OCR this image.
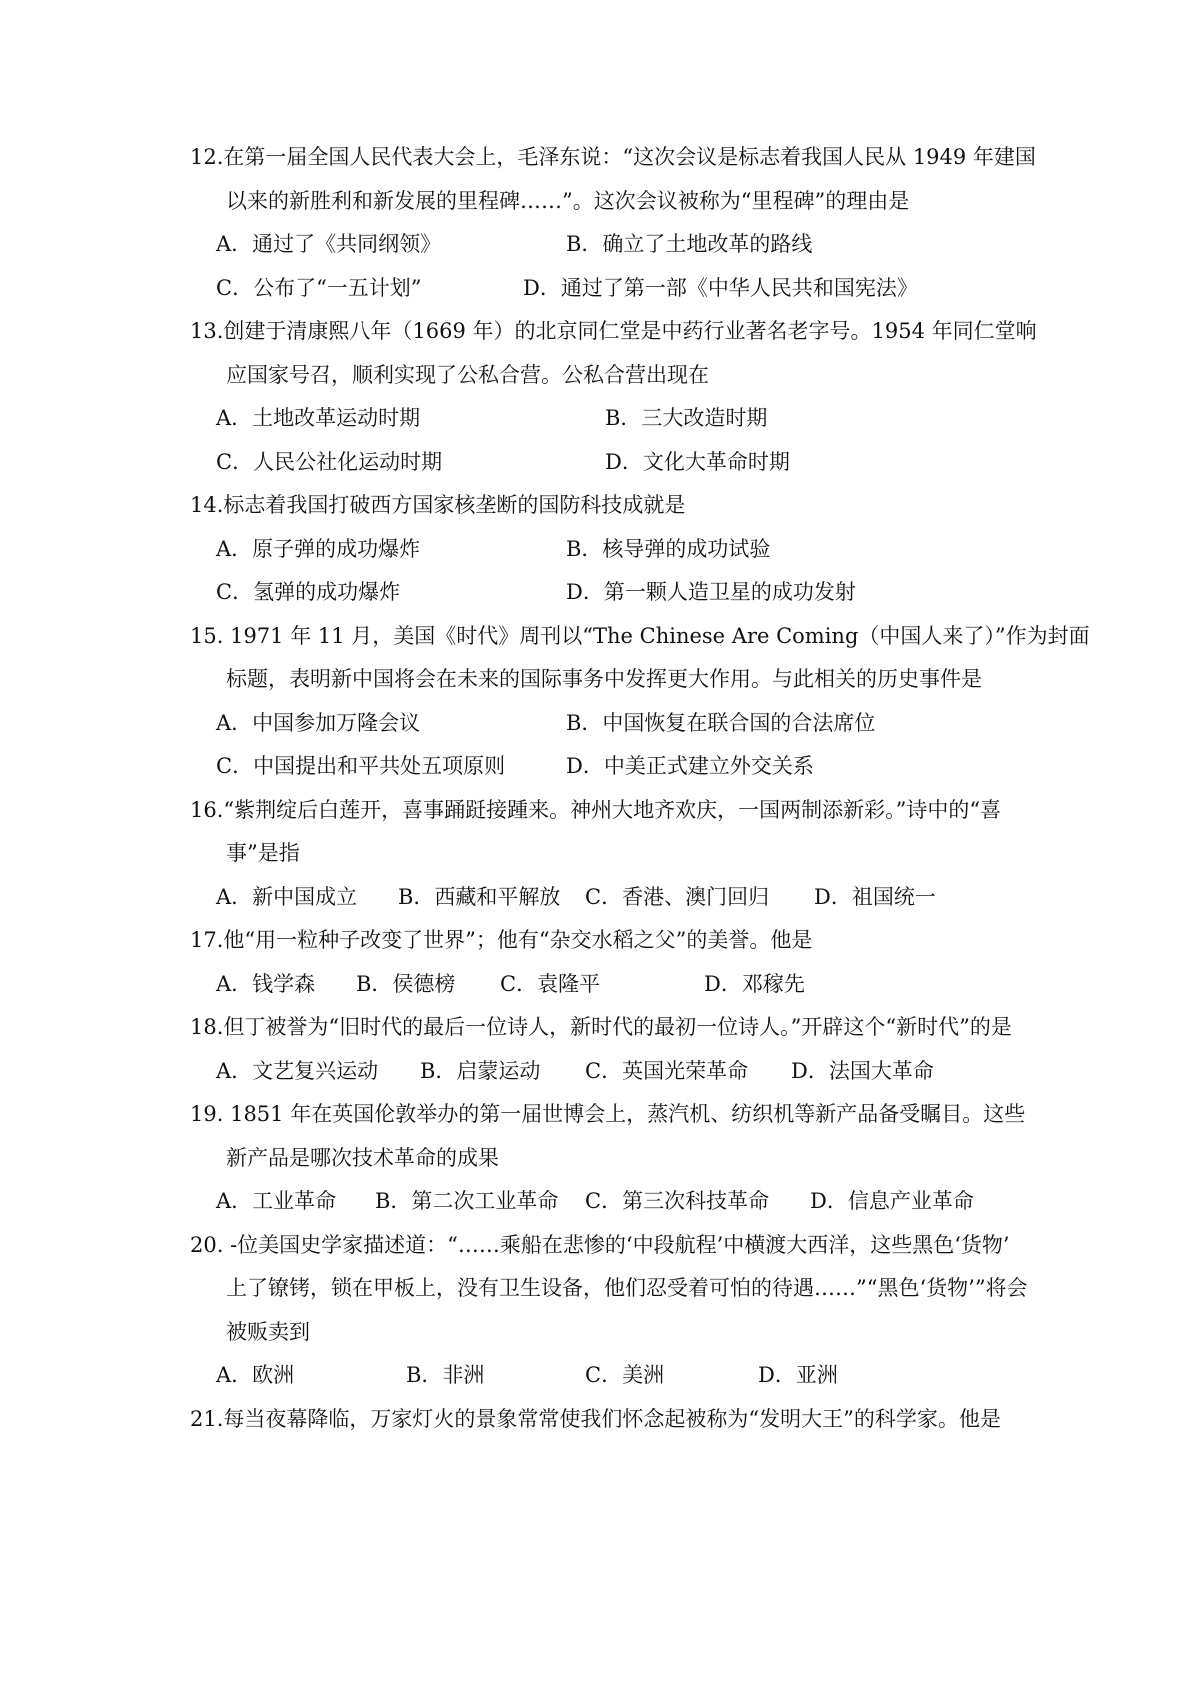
12.在第一届全国人民代表大会上，毛泽东说：“这次会议是标志着我国人民从 1949 年建国
以来的新胜利和新发展的里程碑……”。这次会议被称为“里程碑”的理由是
A．通过了《共同纲领》	B．确立了土地改革的路线
C．公布了“一五计划”	D．通过了第一部《中华人民共和国宪法》
13.创建于清康熙八年（1669 年）的北京同仁堂是中药行业著名老字号。1954 年同仁堂响
应国家号召，顺利实现了公私合营。公私合营出现在
A．土地改革运动时期	B．三大改造时期
C．人民公社化运动时期	D．文化大革命时期
14.标志着我国打破西方国家核垄断的国防科技成就是
A．原子弹的成功爆炸	B．核导弹的成功试验
C．氢弹的成功爆炸	D．第一颗人造卫星的成功发射
15. 1971 年 11 月，美国《时代》周刊以“The Chinese Are Coming（中国人来了）”作为封面
标题，表明新中国将会在未来的国际事务中发挥更大作用。与此相关的历史事件是
A．中国参加万隆会议	B．中国恢复在联合国的合法席位
C．中国提出和平共处五项原则	D．中美正式建立外交关系
16.“紫荆绽后白莲开，喜事踊跹接踵来。神州大地齐欢庆，一国两制添新彩。”诗中的“喜
事”是指
A．新中国成立 B．西藏和平解放 C．香港、澳门回归 D．祖国统一
17.他“用一粒种子改变了世界”；他有“杂交水稻之父”的美誉。他是
A．钱学森 B．侯德榜 C．袁隆平	D．邓稼先
18.但丁被誉为“旧时代的最后一位诗人，新时代的最初一位诗人。”开辟这个“新时代”的是
A．文艺复兴运动 B．启蒙运动 C．英国光荣革命 D．法国大革命
19. 1851 年在英国伦敦举办的第一届世博会上，蒸汽机、纺织机等新产品备受瞩目。这些
新产品是哪次技术革命的成果
A．工业革命 B．第二次工业革命 C．第三次科技革命 D．信息产业革命
20. -位美国史学家描述道：“……乘船在悲惨的‘中段航程’中横渡大西洋，这些黑色‘货物’
上了镣铐，锁在甲板上，没有卫生设备，他们忍受着可怕的待遇……”“黑色‘货物’”将会
被贩卖到
A．欧洲	B．非洲	C．美洲	D．亚洲
21.每当夜幕降临，万家灯火的景象常常使我们怀念起被称为“发明大王”的科学家。他是
